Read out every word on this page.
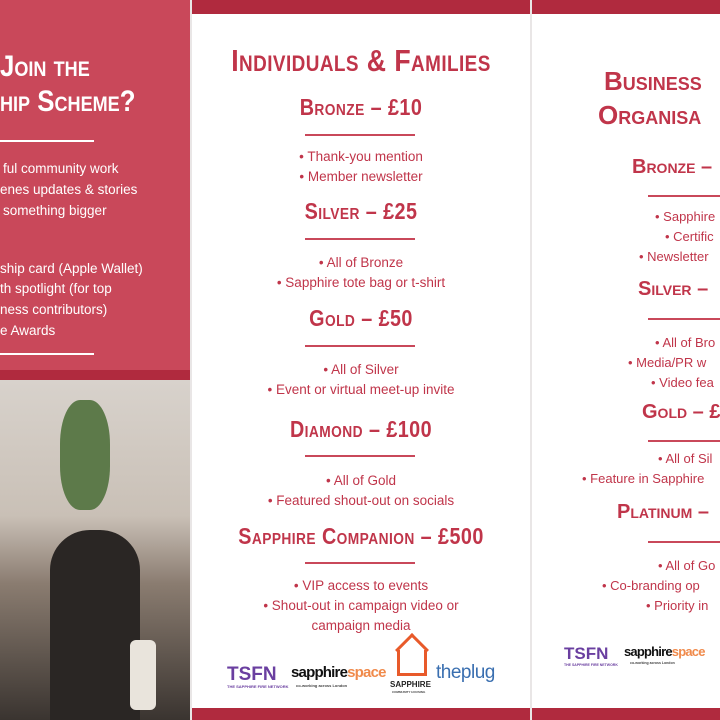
Join the
hip Scheme?
ful community work
enes updates & stories
something bigger
ship card (Apple Wallet)
th spotlight (for top
ness contributors)
e Awards
Individuals & Families
Bronze – £10
• Thank-you mention
• Member newsletter
Silver – £25
• All of Bronze
• Sapphire tote bag or t-shirt
Gold – £50
• All of Silver
• Event or virtual meet-up invite
Diamond – £100
• All of Gold
• Featured shout-out on socials
Sapphire Companion – £500
• VIP access to events
• Shout-out in campaign video or
campaign media
TSFN
THE SAPPHIRE FIRE NETWORK
sapphirespace
co-working across London	SAPPHIRE
COMMUNITY HOUSING
theplug
Business
Organisa
Bronze –
• Sapphire
• Certific
• Newsletter
Silver –
• All of Bro
• Media/PR w
• Video fea
Gold – £
• All of Sil
• Feature in Sapphire
Platinum –
• All of Go
• Co-branding op
• Priority in
TSFN
THE SAPPHIRE FIRE NETWORK
sapphirespace
co-working across London
